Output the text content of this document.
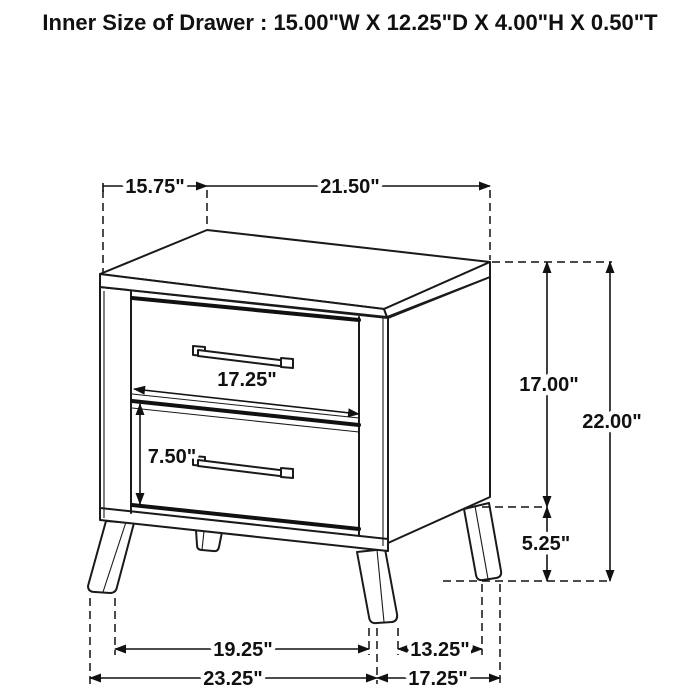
Inner Size of Drawer : 15.00"W X 12.25"D X 4.00"H X 0.50"T
15.75"	21.50"
17.00"
22.00"
5.25"
17.25"
7.50"
19.25"	13.25"
23.25"	17.25"
